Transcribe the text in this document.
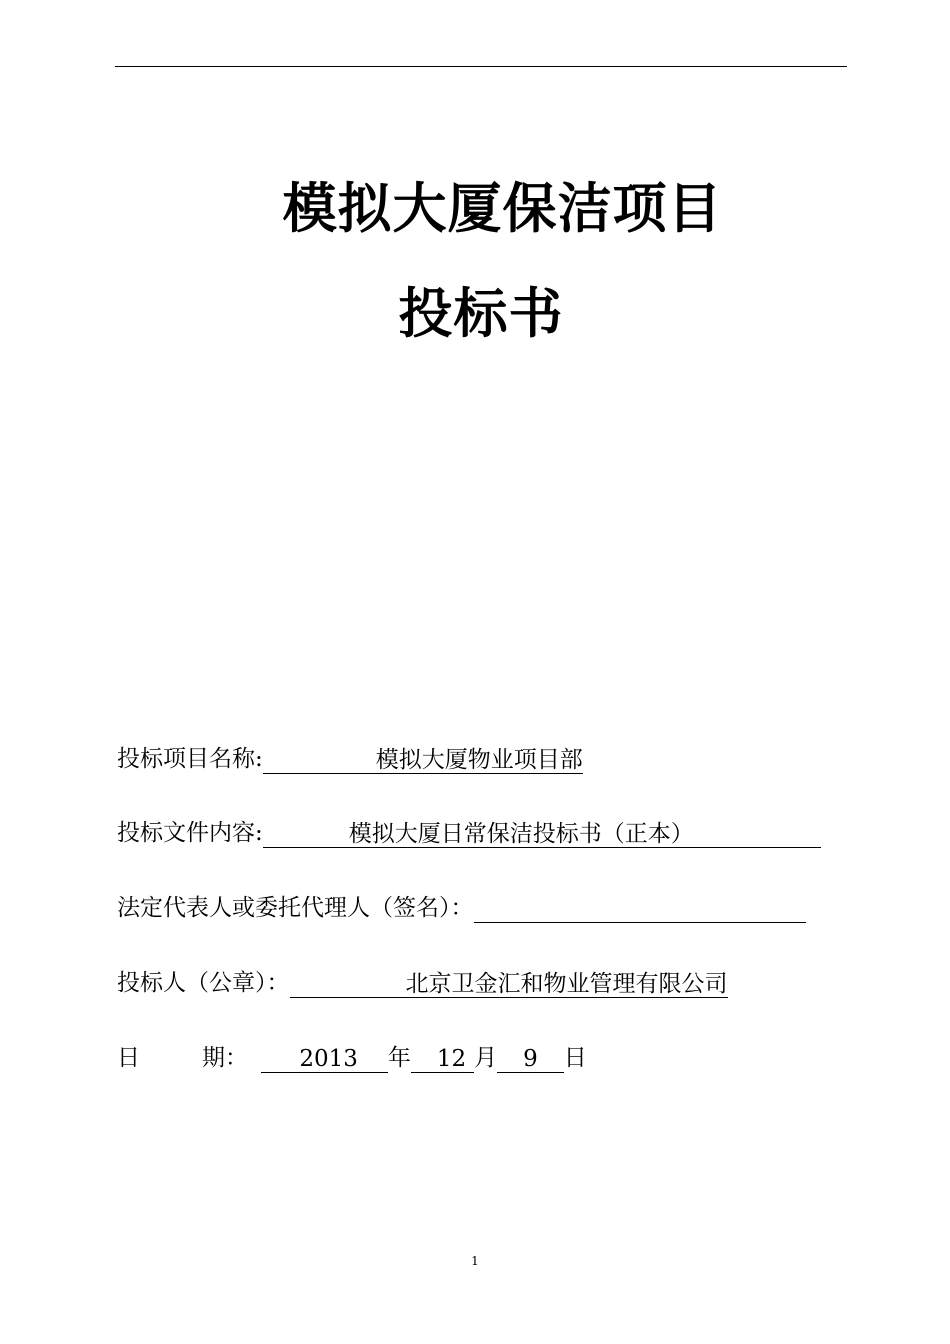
模拟大厦保洁项目
投标书
投标项目名称:	模拟大厦物业项目部
投标文件内容:	模拟大厦日常保洁投标书（正本）
法定代表人或委托代理人（签名）：
投标人（公章）：	北京卫金汇和物业管理有限公司
日	期： 2013 年 12 月 9 日
1
